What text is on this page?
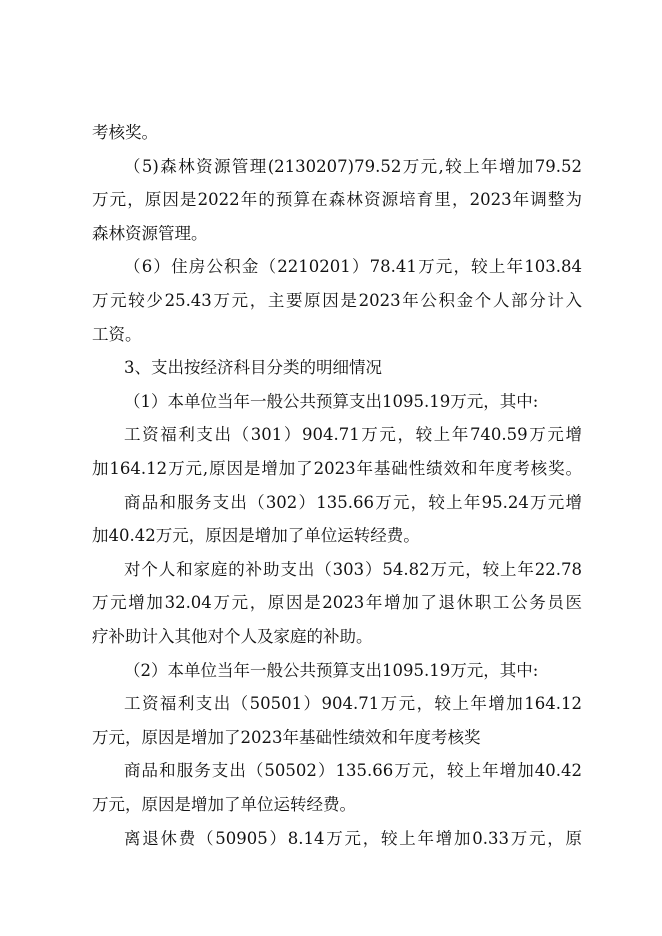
考核奖。
（5)森林资源管理(2130207)79.52万元,较上年增加79.52
万元，原因是2022年的预算在森林资源培育里，2023年调整为
森林资源管理。
（6）住房公积金（2210201）78.41万元，较上年103.84
万元较少25.43万元，主要原因是2023年公积金个人部分计入
工资。
3、支出按经济科目分类的明细情况
（1）本单位当年一般公共预算支出1095.19万元，其中:
工资福利支出（301）904.71万元，较上年740.59万元增
加164.12万元,原因是增加了2023年基础性绩效和年度考核奖。
商品和服务支出（302）135.66万元，较上年95.24万元增
加40.42万元，原因是增加了单位运转经费。
对个人和家庭的补助支出（303）54.82万元，较上年22.78
万元增加32.04万元，原因是2023年增加了退休职工公务员医
疗补助计入其他对个人及家庭的补助。
（2）本单位当年一般公共预算支出1095.19万元，其中:
工资福利支出（50501）904.71万元，较上年增加164.12
万元，原因是增加了2023年基础性绩效和年度考核奖
商品和服务支出（50502）135.66万元，较上年增加40.42
万元，原因是增加了单位运转经费。
离退休费（50905）8.14万元，较上年增加0.33万元，原
